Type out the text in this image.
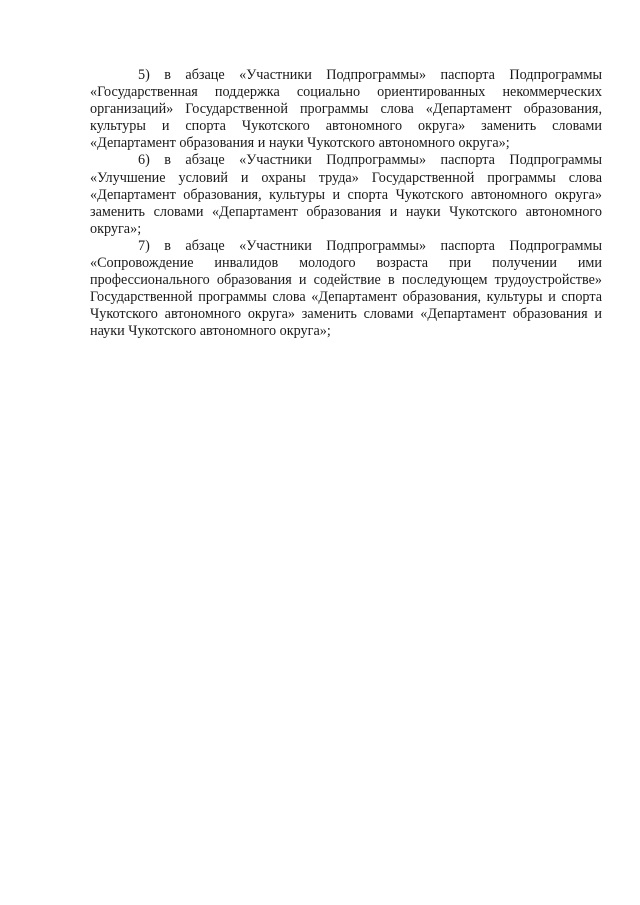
5) в абзаце «Участники Подпрограммы» паспорта Подпрограммы «Государственная поддержка социально ориентированных некоммерческих организаций» Государственной программы слова «Департамент образования, культуры и спорта Чукотского автономного округа» заменить словами «Департамент образования и науки Чукотского автономного округа»;

6) в абзаце «Участники Подпрограммы» паспорта Подпрограммы «Улучшение условий и охраны труда» Государственной программы слова «Департамент образования, культуры и спорта Чукотского автономного округа» заменить словами «Департамент образования и науки Чукотского автономного округа»;

7) в абзаце «Участники Подпрограммы» паспорта Подпрограммы «Сопровождение инвалидов молодого возраста при получении ими профессионального образования и содействие в последующем трудоустройстве» Государственной программы слова «Департамент образования, культуры и спорта Чукотского автономного округа» заменить словами «Департамент образования и науки Чукотского автономного округа»;
